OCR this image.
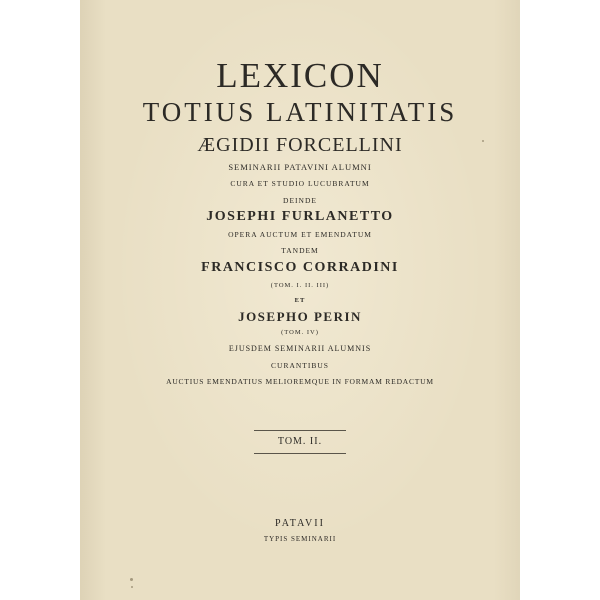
LEXICON
TOTIUS LATINITATIS
ÆGIDII FORCELLINI
SEMINARII PATAVINI ALUMNI
CURA ET STUDIO LUCUBRATUM
DEINDE
JOSEPHI FURLANETTO
OPERA AUCTUM ET EMENDATUM
TANDEM
FRANCISCO CORRADINI
(TOM. I. II. III)
ET
JOSEPHO PERIN
(TOM. IV)
EJUSDEM SEMINARII ALUMNIS
CURANTIBUS
AUCTIUS EMENDATIUS MELIOREMQUE IN FORMAM REDACTUM
TOM. II.
PATAVII
TYPIS SEMINARII
